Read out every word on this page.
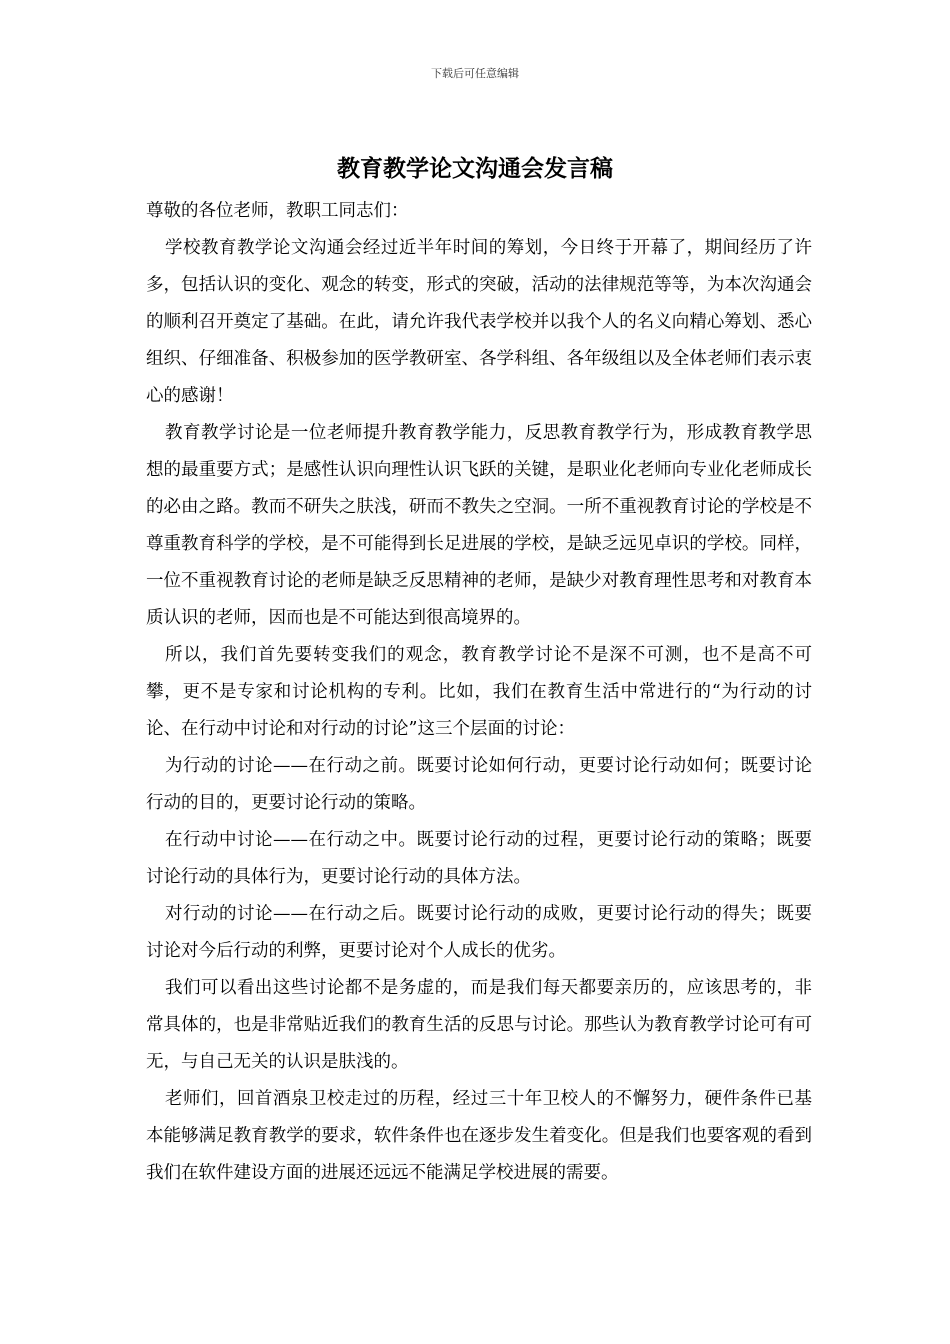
下载后可任意编辑
教育教学论文沟通会发言稿

尊敬的各位老师，教职工同志们：

学校教育教学论文沟通会经过近半年时间的筹划，今日终于开幕了，期间经历了许多，包括认识的变化、观念的转变，形式的突破，活动的法律规范等等，为本次沟通会的顺利召开奠定了基础。在此，请允许我代表学校并以我个人的名义向精心筹划、悉心组织、仔细准备、积极参加的医学教研室、各学科组、各年级组以及全体老师们表示衷心的感谢！

教育教学讨论是一位老师提升教育教学能力，反思教育教学行为，形成教育教学思想的最重要方式；是感性认识向理性认识飞跃的关键，是职业化老师向专业化老师成长的必由之路。教而不研失之肤浅，研而不教失之空洞。一所不重视教育讨论的学校是不尊重教育科学的学校，是不可能得到长足进展的学校，是缺乏远见卓识的学校。同样，一位不重视教育讨论的老师是缺乏反思精神的老师，是缺少对教育理性思考和对教育本质认识的老师，因而也是不可能达到很高境界的。

所以，我们首先要转变我们的观念，教育教学讨论不是深不可测，也不是高不可攀，更不是专家和讨论机构的专利。比如，我们在教育生活中常进行的“为行动的讨论、在行动中讨论和对行动的讨论”这三个层面的讨论：

为行动的讨论——在行动之前。既要讨论如何行动，更要讨论行动如何；既要讨论行动的目的，更要讨论行动的策略。

在行动中讨论——在行动之中。既要讨论行动的过程，更要讨论行动的策略；既要讨论行动的具体行为，更要讨论行动的具体方法。

对行动的讨论——在行动之后。既要讨论行动的成败，更要讨论行动的得失；既要讨论对今后行动的利弊，更要讨论对个人成长的优劣。

我们可以看出这些讨论都不是务虚的，而是我们每天都要亲历的，应该思考的，非常具体的，也是非常贴近我们的教育生活的反思与讨论。那些认为教育教学讨论可有可无，与自己无关的认识是肤浅的。

老师们，回首酒泉卫校走过的历程，经过三十年卫校人的不懈努力，硬件条件已基本能够满足教育教学的要求，软件条件也在逐步发生着变化。但是我们也要客观的看到我们在软件建设方面的进展还远远不能满足学校进展的需要。
